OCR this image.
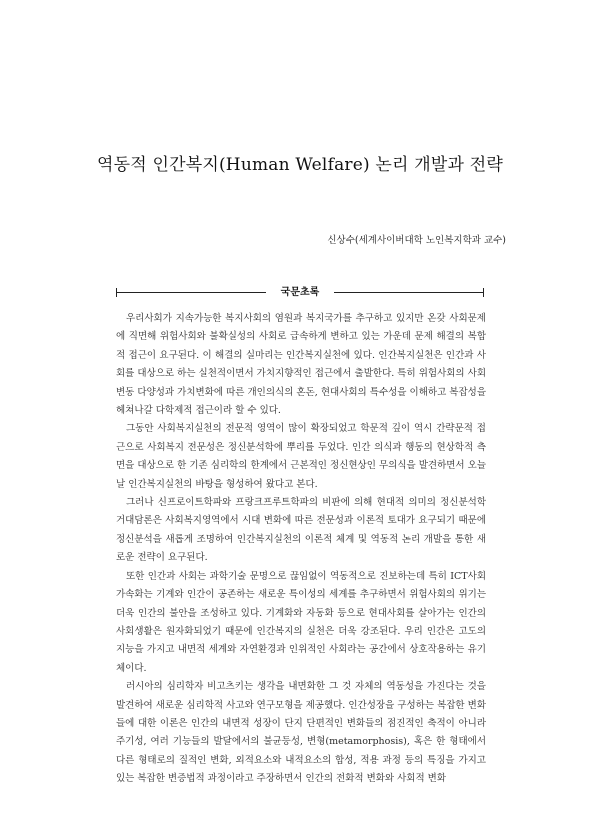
역동적 인간복지(Human Welfare) 논리 개발과 전략
신상수(세계사이버대학 노인복지학과 교수)
국문초록

우리사회가 지속가능한 복지사회의 염원과 복지국가를 추구하고 있지만 온갖 사회문제에 직면해 위험사회와 불확실성의 사회로 급속하게 변하고 있는 가운데 문제 해결의 복합적 접근이 요구된다. 이 해결의 실마리는 인간복지실천에 있다. 인간복지실천은 인간과 사회를 대상으로 하는 실천적이면서 가치지향적인 접근에서 출발한다. 특히 위험사회의 사회변동 다양성과 가치변화에 따른 개인의식의 혼돈, 현대사회의 특수성을 이해하고 복잡성을 헤쳐나갈 다학제적 접근이라 할 수 있다.

그동안 사회복지실천의 전문적 영역이 많이 확장되었고 학문적 깊이 역시 간략문적 접근으로 사회복지 전문성은 정신분석학에 뿌리를 두었다. 인간 의식과 행동의 현상학적 측면을 대상으로 한 기존 심리학의 한계에서 근본적인 정신현상인 무의식을 발견하면서 오늘날 인간복지실천의 바탕을 형성하여 왔다고 본다.

그러나 신프로이트학파와 프랑크프루트학파의 비판에 의해 현대적 의미의 정신분석학 거대담론은 사회복지영역에서 시대 변화에 따른 전문성과 이론적 토대가 요구되기 때문에 정신분석을 새롭게 조명하여 인간복지실천의 이론적 체계 및 역동적 논리 개발을 통한 새로운 전략이 요구된다.

또한 인간과 사회는 과학기술 문명으로 끊임없이 역동적으로 진보하는데 특히 ICT사회 가속화는 기계와 인간이 공존하는 새로운 특이성의 세계를 추구하면서 위험사회의 위기는 더욱 인간의 불안을 조성하고 있다. 기계화와 자동화 등으로 현대사회를 살아가는 인간의 사회생활은 원자화되었기 때문에 인간복지의 실천은 더욱 강조된다. 우리 인간은 고도의 지능을 가지고 내면적 세계와 자연환경과 인위적인 사회라는 공간에서 상호작용하는 유기체이다.

러시아의 심리학자 비고츠키는 생각을 내면화한 그 것 자체의 역동성을 가진다는 것을 발견하여 새로운 심리학적 사고와 연구모형을 제공했다. 인간성장을 구성하는 복잡한 변화들에 대한 이론은 인간의 내면적 성장이 단지 단편적인 변화들의 점진적인 축적이 아니라 주기성, 여러 기능들의 발달에서의 불균등성, 변형(metamorphosis), 혹은 한 형태에서 다른 형태로의 질적인 변화, 외적요소와 내적요소의 합성, 적용 과정 등의 특징을 가지고 있는 복잡한 변증법적 과정이라고 주장하면서 인간의 전화적 변화와 사회적 변화
